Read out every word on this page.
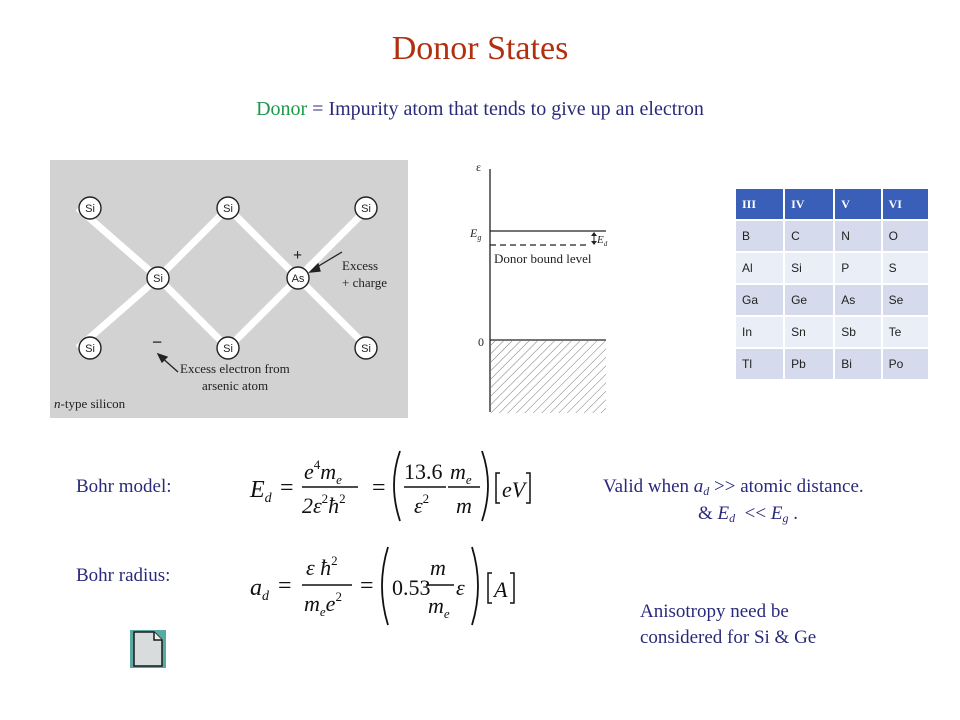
Donor States
Donor = Impurity atom that tends to give up an electron
Si	Si	Si
Si	As
Si	Si	Si
+
−
Excess
+ charge
Excess electron from
arsenic atom
n-type silicon
ε
$E_g$	$E_d$
Donor bound level
0
III	IV	V	VI
B	C	N	O
Al	Si	P	S
Ga	Ge	As	Se
In	Sn	Sb	Te
Tl	Pb	Bi	Po
Bohr model:
Bohr radius:
$E_d$ =
$e^4m_e$
$2\varepsilon^2ħ^2$ =
13.6
$\varepsilon^2$
$m_e$
m
eV
$a_d$ =
ε $ħ^2$
$m_ee^2 = 0.53$
m
$m_e$
ε A
Valid when $a_d$ >> atomic distance.
& $E_d << E_g$ .
Anisotropy need be
considered for Si & Ge
